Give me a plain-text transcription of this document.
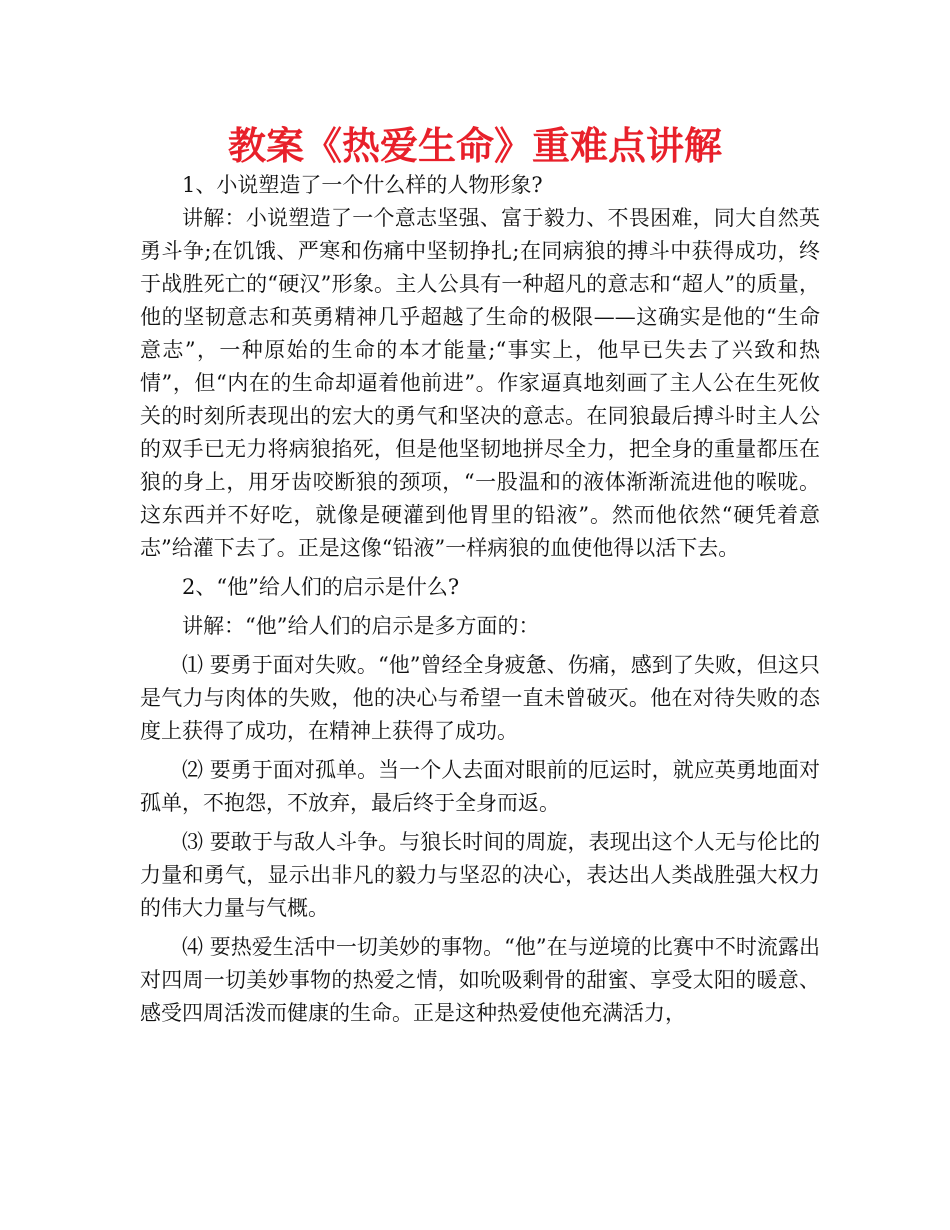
教案《热爱生命》重难点讲解

1、小说塑造了一个什么样的人物形象?

讲解：小说塑造了一个意志坚强、富于毅力、不畏困难，同大自然英勇斗争;在饥饿、严寒和伤痛中坚韧挣扎;在同病狼的搏斗中获得成功，终于战胜死亡的“硬汉”形象。主人公具有一种超凡的意志和“超人”的质量，他的坚韧意志和英勇精神几乎超越了生命的极限——这确实是他的“生命意志”，一种原始的生命的本才能量;“事实上，他早已失去了兴致和热情”，但“内在的生命却逼着他前进”。作家逼真地刻画了主人公在生死攸关的时刻所表现出的宏大的勇气和坚决的意志。在同狼最后搏斗时主人公的双手已无力将病狼掐死，但是他坚韧地拼尽全力，把全身的重量都压在狼的身上，用牙齿咬断狼的颈项，“一股温和的液体渐渐流进他的喉咙。这东西并不好吃，就像是硬灌到他胃里的铅液”。然而他依然“硬凭着意志”给灌下去了。正是这像“铅液”一样病狼的血使他得以活下去。

2、“他”给人们的启示是什么?

讲解：“他”给人们的启示是多方面的：

⑴ 要勇于面对失败。“他”曾经全身疲惫、伤痛，感到了失败，但这只是气力与肉体的失败，他的决心与希望一直未曾破灭。他在对待失败的态度上获得了成功，在精神上获得了成功。

⑵ 要勇于面对孤单。当一个人去面对眼前的厄运时，就应英勇地面对孤单，不抱怨，不放弃，最后终于全身而返。

⑶ 要敢于与敌人斗争。与狼长时间的周旋，表现出这个人无与伦比的力量和勇气，显示出非凡的毅力与坚忍的决心，表达出人类战胜强大权力的伟大力量与气概。

⑷ 要热爱生活中一切美妙的事物。“他”在与逆境的比赛中不时流露出对四周一切美妙事物的热爱之情，如吮吸剩骨的甜蜜、享受太阳的暖意、感受四周活泼而健康的生命。正是这种热爱使他充满活力，
